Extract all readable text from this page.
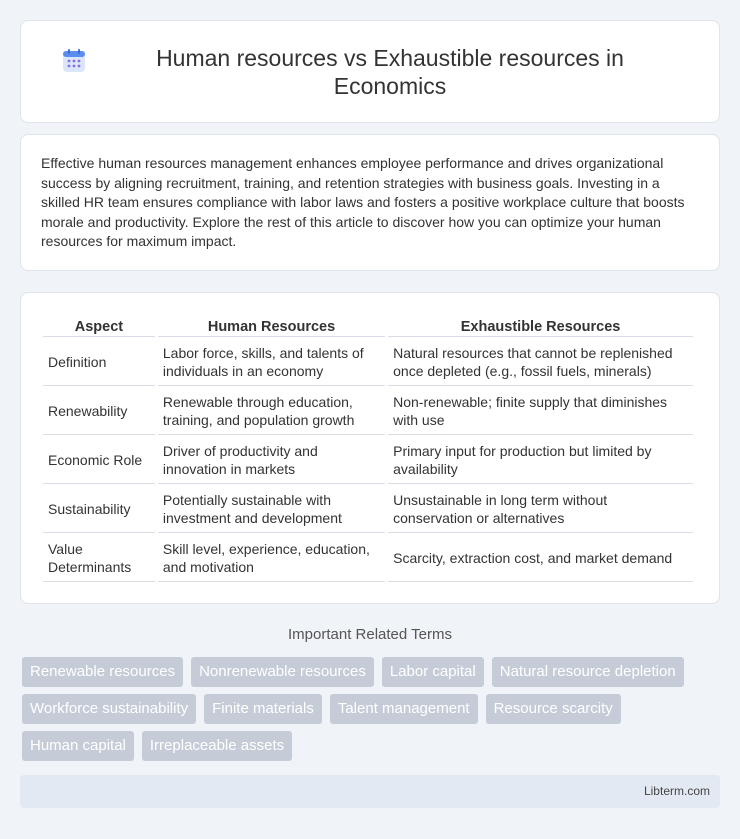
Human resources vs Exhaustible resources in Economics

Effective human resources management enhances employee performance and drives organizational success by aligning recruitment, training, and retention strategies with business goals. Investing in a skilled HR team ensures compliance with labor laws and fosters a positive workplace culture that boosts morale and productivity. Explore the rest of this article to discover how you can optimize your human resources for maximum impact.

Aspect	Human Resources	Exhaustible Resources
Definition	Labor force, skills, and talents of individuals in an economy	Natural resources that cannot be replenished once depleted (e.g., fossil fuels, minerals)
Renewability	Renewable through education, training, and population growth	Non-renewable; finite supply that diminishes with use
Economic Role	Driver of productivity and innovation in markets	Primary input for production but limited by availability
Sustainability	Potentially sustainable with investment and development	Unsustainable in long term without conservation or alternatives
Value Determinants	Skill level, experience, education, and motivation	Scarcity, extraction cost, and market demand
Important Related Terms
Renewable resources	Nonrenewable resources	Labor capital	Natural resource depletion
Workforce sustainability	Finite materials	Talent management	Resource scarcity
Human capital	Irreplaceable assets
Libterm.com
